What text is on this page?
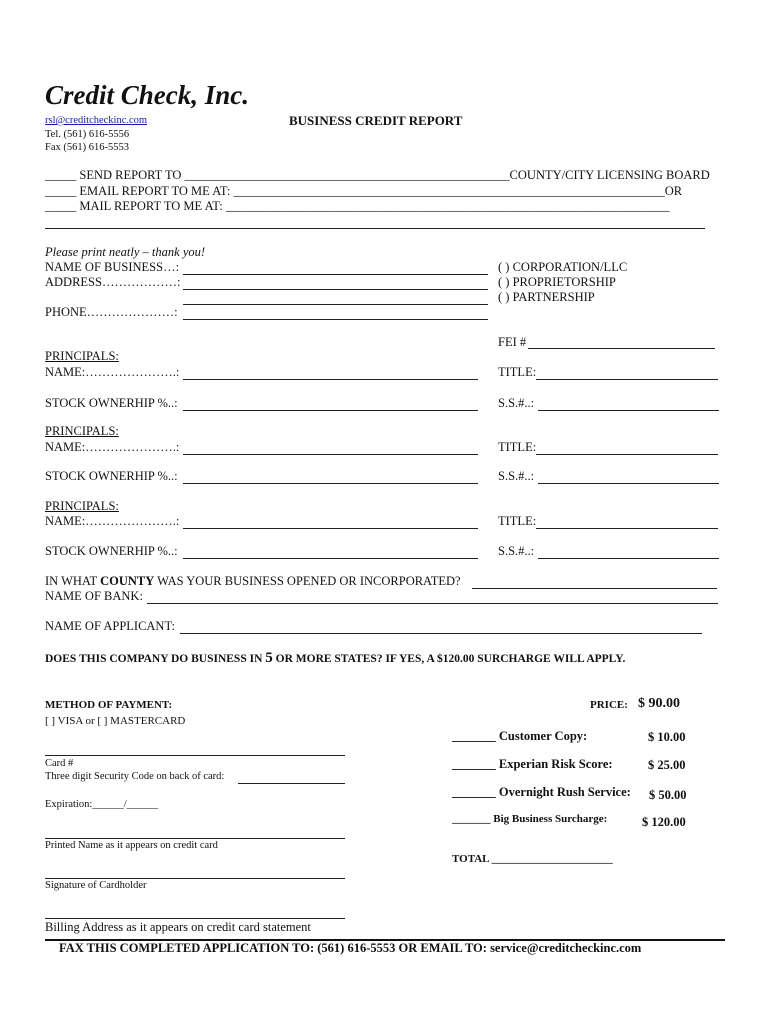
Credit Check, Inc.
rsl@creditcheckinc.com
Tel. (561) 616-5556
Fax (561) 616-5553
BUSINESS CREDIT REPORT
_____ SEND REPORT TO ____________________________________________________COUNTY/CITY LICENSING BOARD
_____ EMAIL REPORT TO ME AT: _____________________________________________________________________OR
_____ MAIL REPORT TO ME AT: _______________________________________________________________________
Please print neatly – thank you!
NAME OF BUSINESS…:
ADDRESS………………:
PHONE…………………:
( ) CORPORATION/LLC
( ) PROPRIETORSHIP
( ) PARTNERSHIP
FEI #
PRINCIPALS:
NAME:………………….:	TITLE:
STOCK OWNERHIP %..:	S.S.#..:
PRINCIPALS:
NAME:………………….:	TITLE:
STOCK OWNERHIP %..:	S.S.#..:
PRINCIPALS:
NAME:………………….:	TITLE:
STOCK OWNERHIP %..:	S.S.#..:
IN WHAT COUNTY WAS YOUR BUSINESS OPENED OR INCORPORATED?
NAME OF BANK:
NAME OF APPLICANT:
DOES THIS COMPANY DO BUSINESS IN 5 OR MORE STATES? IF YES, A $120.00 SURCHARGE WILL APPLY.
METHOD OF PAYMENT:
[ ] VISA or [ ] MASTERCARD
Card #
Three digit Security Code on back of card:
Expiration:______/______
Printed Name as it appears on credit card
Signature of Cardholder
Billing Address as it appears on credit card statement
PRICE: $ 90.00
_______ Customer Copy:	$ 10.00
_______ Experian Risk Score:	$ 25.00
_______ Overnight Rush Service: $ 50.00
_______ Big Business Surcharge:	$ 120.00
TOTAL ______________________
FAX THIS COMPLETED APPLICATION TO: (561) 616-5553 OR EMAIL TO: service@creditcheckinc.com
